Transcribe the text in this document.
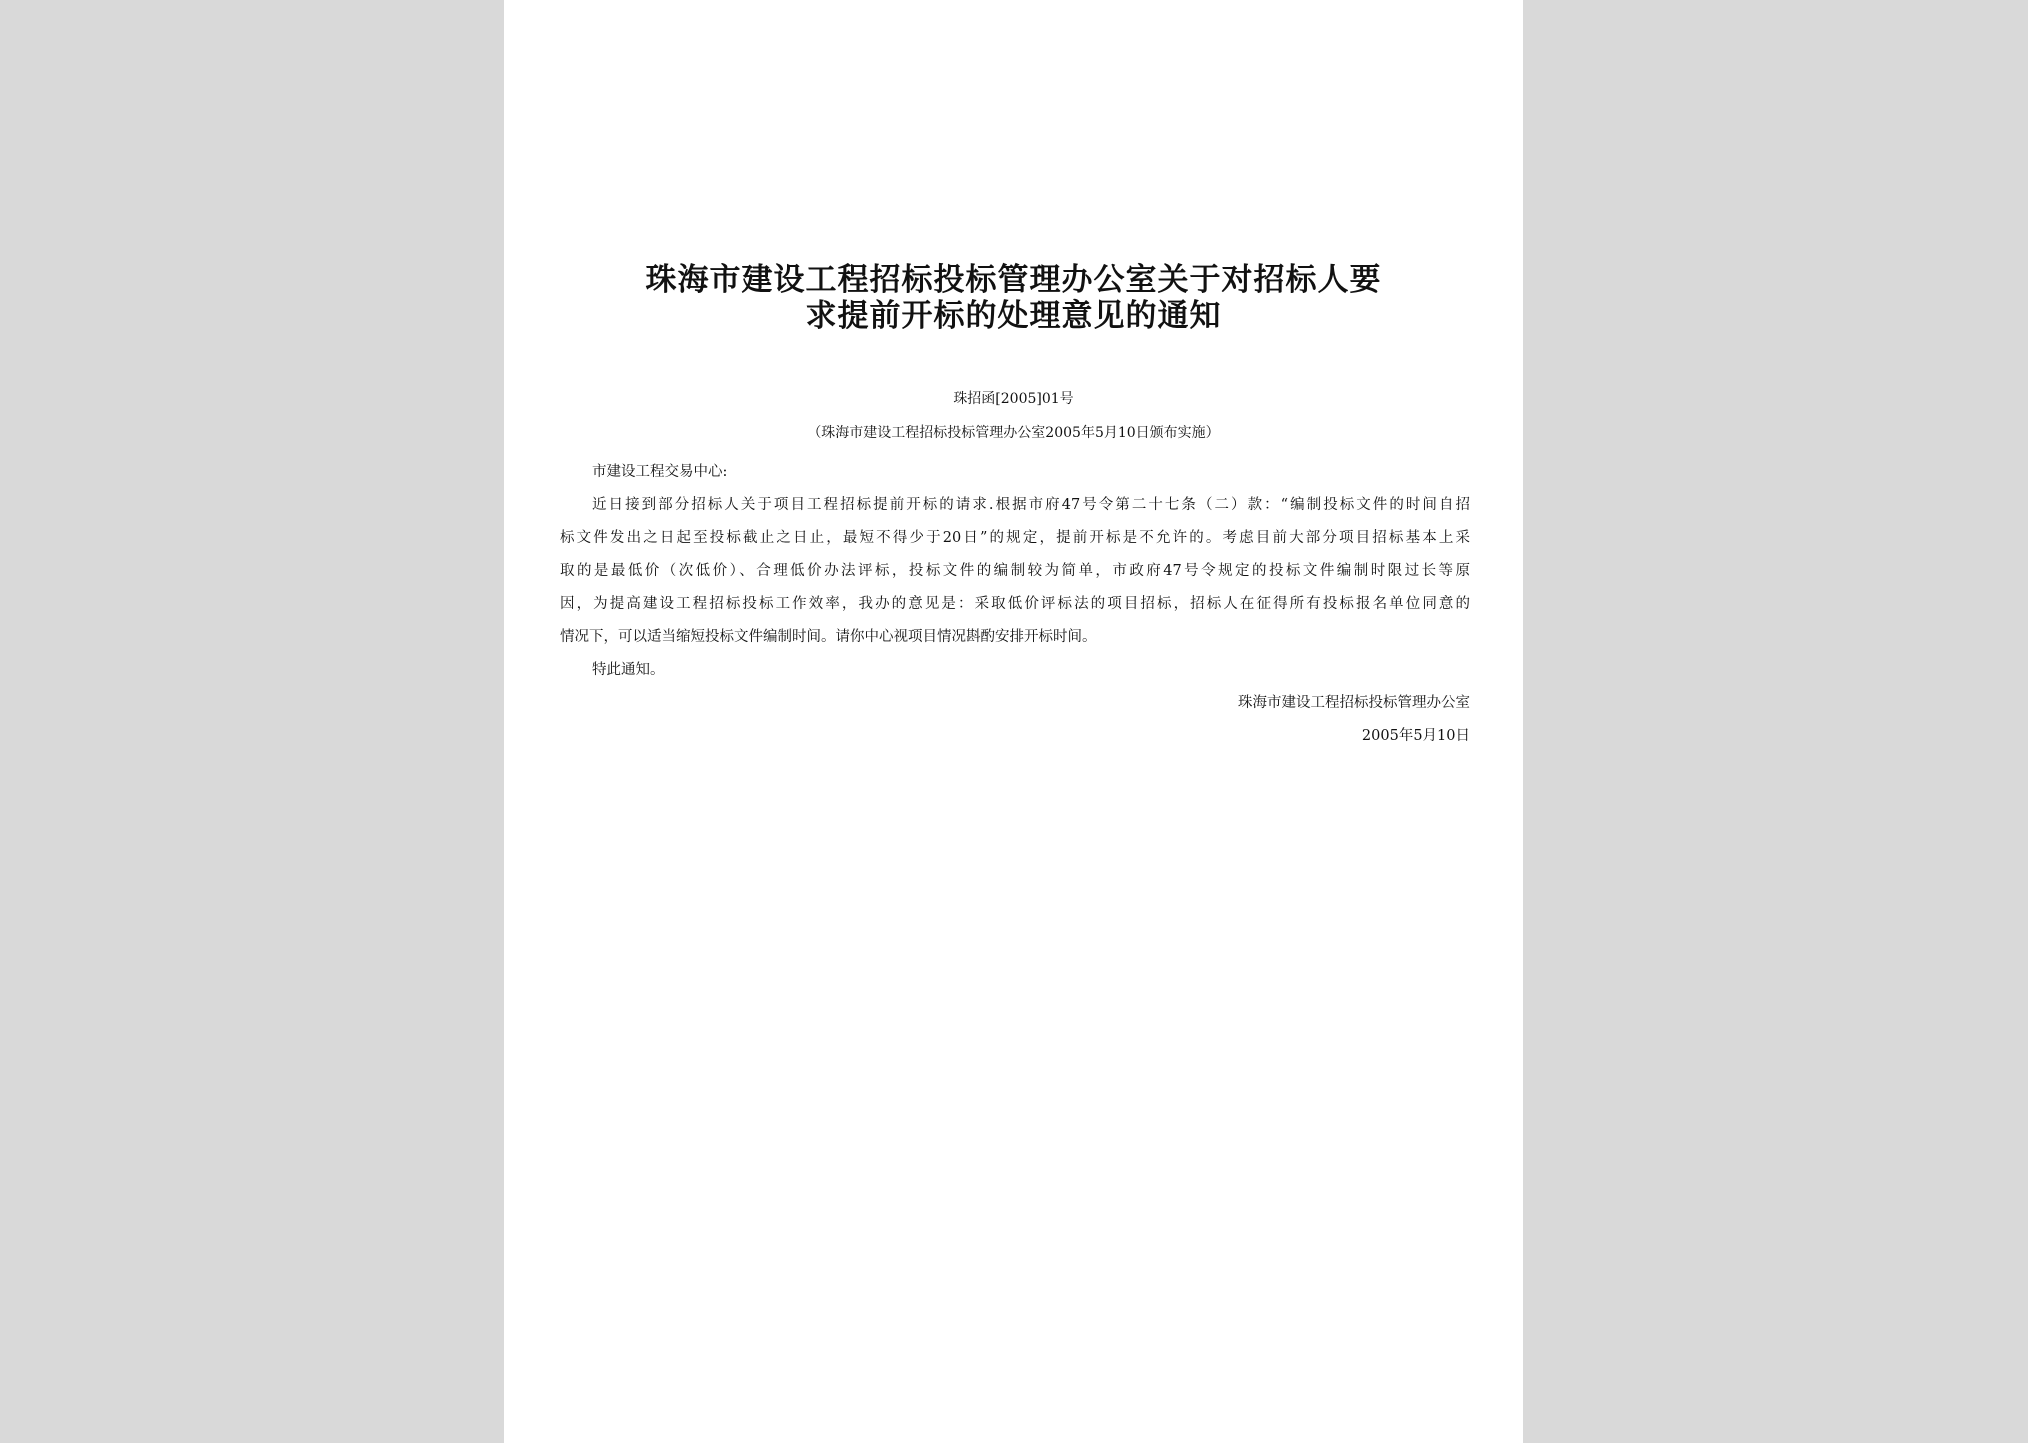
珠海市建设工程招标投标管理办公室关于对招标人要
求提前开标的处理意见的通知
珠招函[2005]01号
（珠海市建设工程招标投标管理办公室2005年5月10日颁布实施）
市建设工程交易中心:
近日接到部分招标人关于项目工程招标提前开标的请求.根据市府47号令第二十七条（二）款：“编制投标文件的时间自招
标文件发出之日起至投标截止之日止，最短不得少于20日”的规定，提前开标是不允许的。考虑目前大部分项目招标基本上采
取的是最低价（次低价）、合理低价办法评标，投标文件的编制较为简单，市政府47号令规定的投标文件编制时限过长等原
因，为提高建设工程招标投标工作效率，我办的意见是：采取低价评标法的项目招标，招标人在征得所有投标报名单位同意的
情况下，可以适当缩短投标文件编制时间。请你中心视项目情况斟酌安排开标时间。
特此通知。
珠海市建设工程招标投标管理办公室
2005年5月10日
